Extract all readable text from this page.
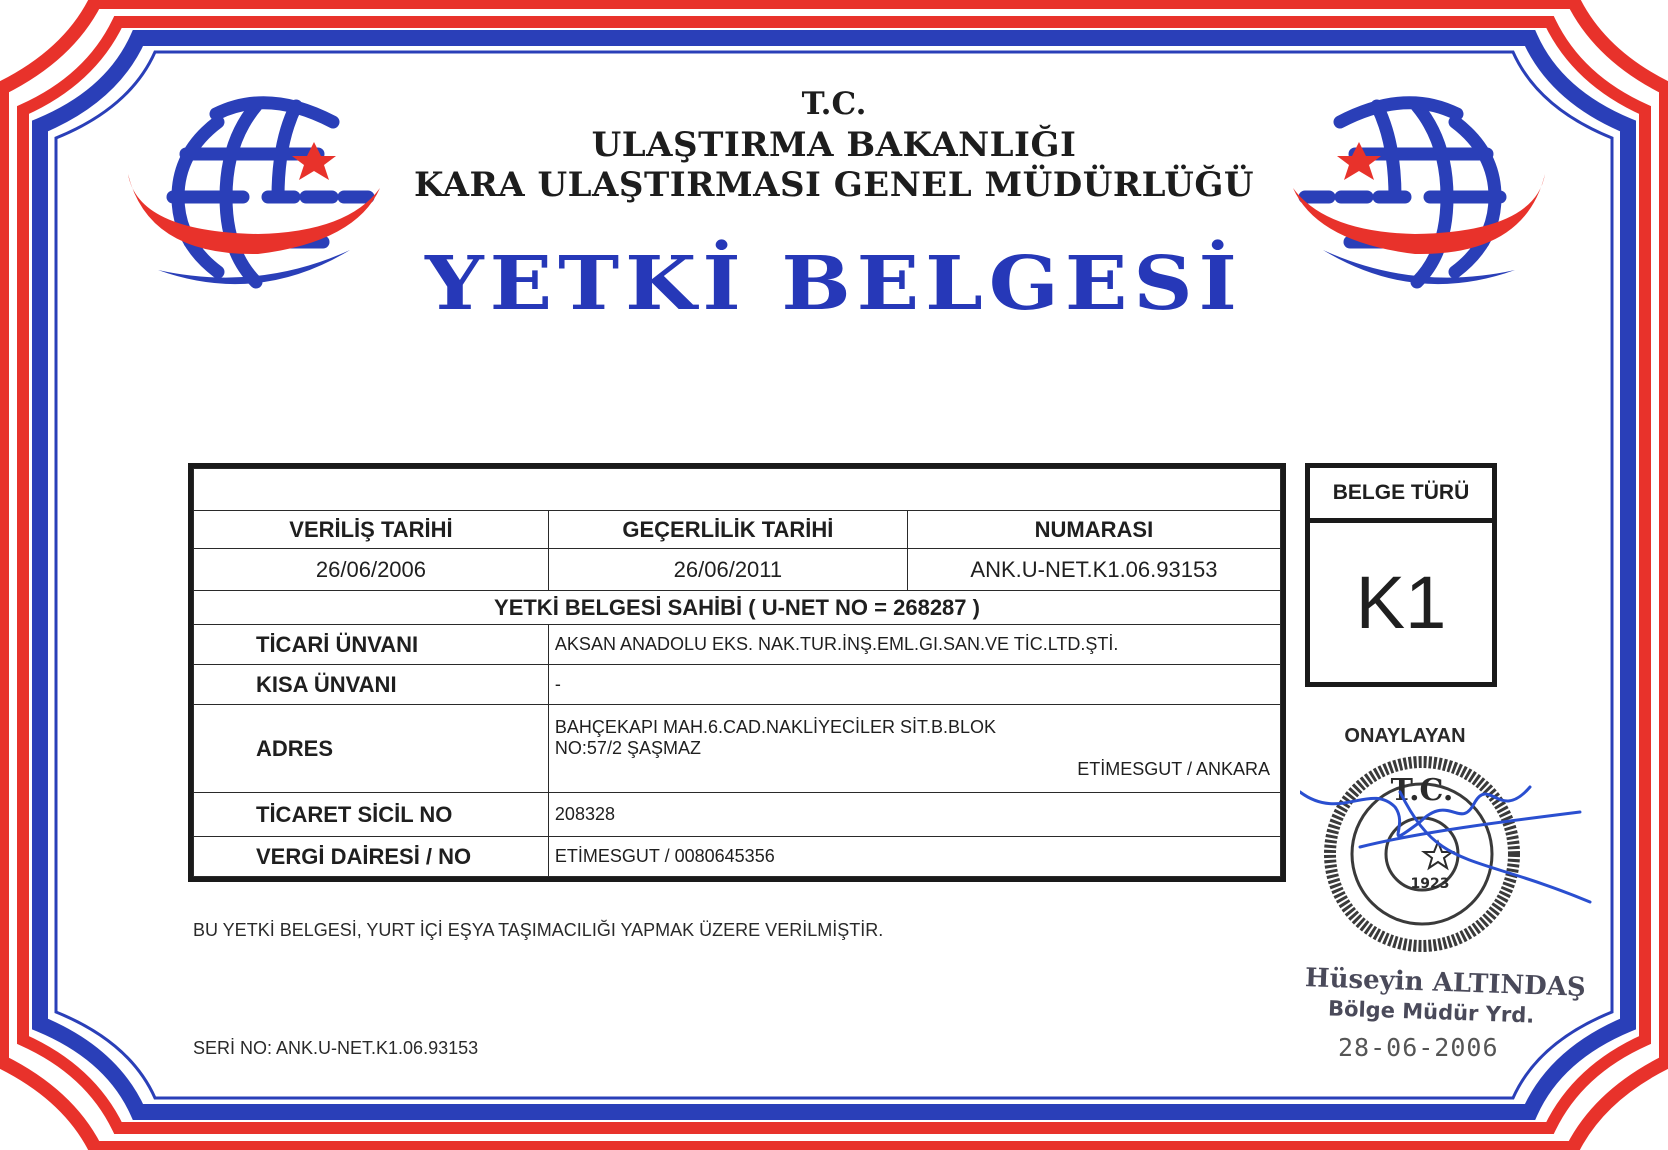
T.C.
ULAŞTIRMA BAKANLIĞI
KARA ULAŞTIRMASI GENEL MÜDÜRLÜĞÜ
YETKİ BELGESİ

VERİLİŞ TARİHİ	GEÇERLİLİK TARİHİ	NUMARASI
26/06/2006	26/06/2011	ANK.U-NET.K1.06.93153
YETKİ BELGESİ SAHİBİ ( U-NET NO = 268287 )		
TİCARİ ÜNVANI	AKSAN ANADOLU EKS. NAK.TUR.İNŞ.EML.GI.SAN.VE TİC.LTD.ŞTİ.	
KISA ÜNVANI	-	
ADRES	BAHÇEKAPI MAH.6.CAD.NAKLİYECİLER SİT.B.BLOK
NO:57/2 ŞAŞMAZ
ETİMESGUT / ANKARA	

TİCARET SİCİL NO	208328	
VERGİ DAİRESİ / NO	ETİMESGUT / 0080645356	
BU YETKİ BELGESİ, YURT İÇİ EŞYA TAŞIMACILIĞI YAPMAK ÜZERE VERİLMİŞTİR.
SERİ NO: ANK.U-NET.K1.06.93153
BELGE TÜRÜ
K1
ONAYLAYAN
T.C.
1923
Hüseyin ALTINDAŞ
Bölge Müdür Yrd.
28-06-2006
